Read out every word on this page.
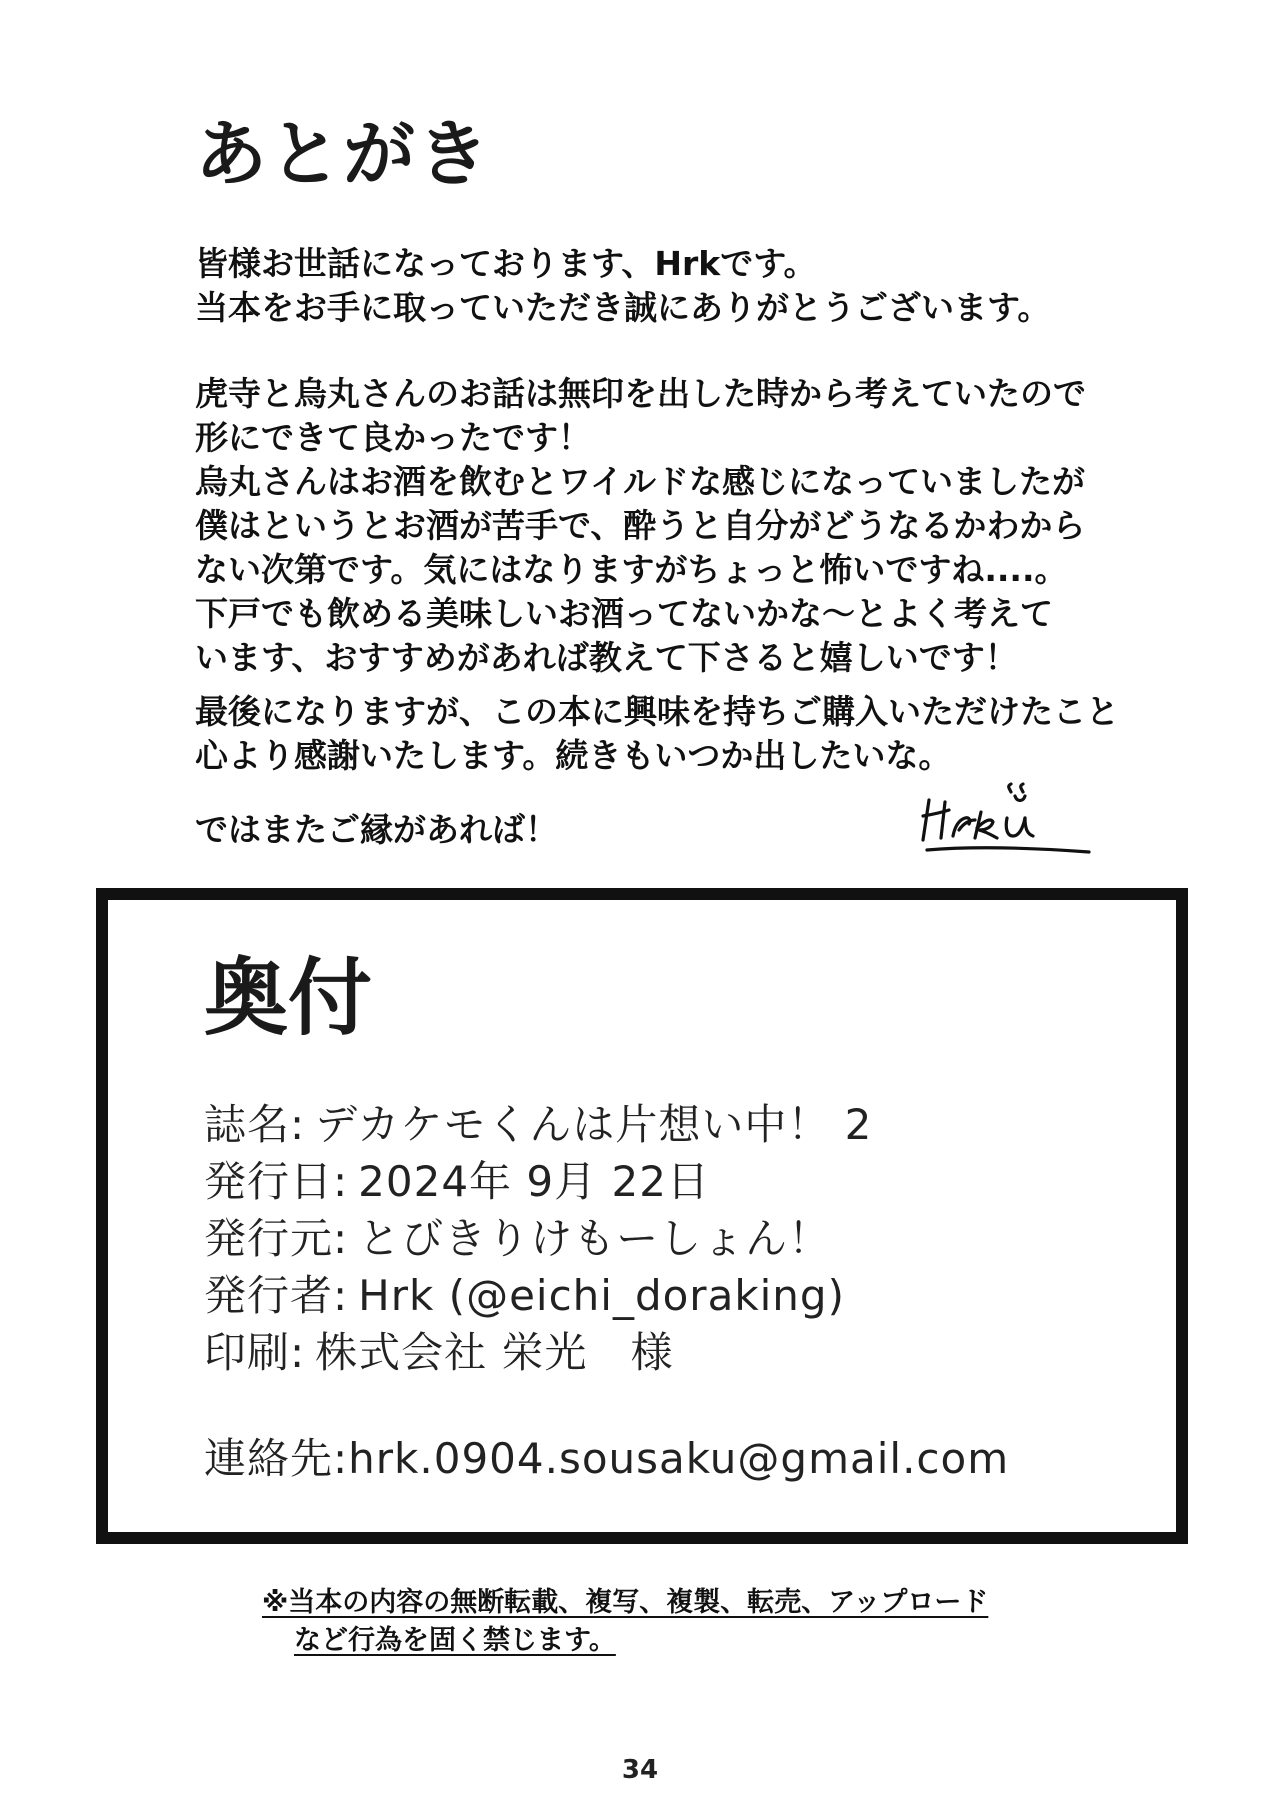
あとがき

皆様お世話になっております、Hrkです。
当本をお手に取っていただき誠にありがとうございます。

虎寺と烏丸さんのお話は無印を出した時から考えていたので
形にできて良かったです！
烏丸さんはお酒を飲むとワイルドな感じになっていましたが
僕はというとお酒が苦手で、酔うと自分がどうなるかわから
ない次第です。気にはなりますがちょっと怖いですね....。
下戸でも飲める美味しいお酒ってないかな～とよく考えて
います、おすすめがあれば教えて下さると嬉しいです！

最後になりますが、この本に興味を持ちご購入いただけたこと
心より感謝いたします。続きもいつか出したいな。

ではまたご縁があれば！

奥付
誌名: デカケモくんは片想い中！ 2
発行日: 2024年 9月 22日
発行元: とびきりけもーしょん！
発行者: Hrk (@eichi_doraking)
印刷: 株式会社 栄光　様
連絡先:hrk.0904.sousaku@gmail.com
※当本の内容の無断転載、複写、複製、転売、アップロード
など行為を固く禁じます。
34
